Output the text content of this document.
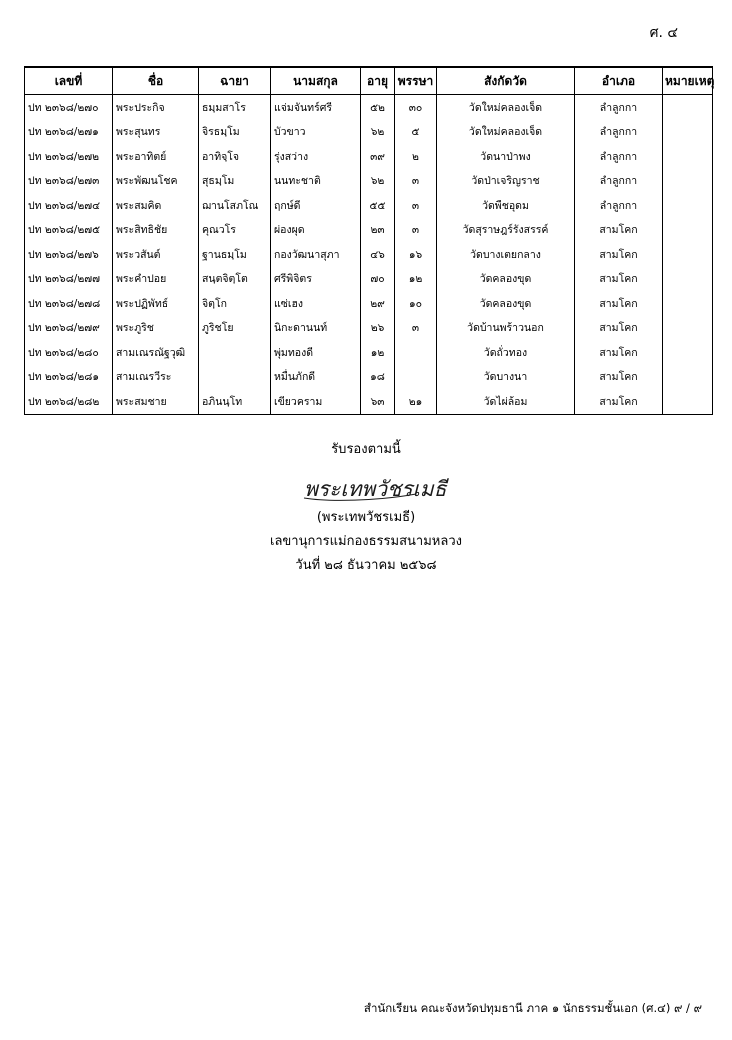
ศ. ๔
เลขที่	ชื่อ	ฉายา	นามสกุล	อายุ	พรรษา	สังกัดวัด	อำเภอ	หมายเหตุ
ปท ๒๓๖๘/๒๗๐	พระประกิจ	ธมฺมสาโร	แจ่มจันทร์ศรี	๕๒	๓๐	วัดใหม่คลองเจ็ด	ลำลูกกา	
ปท ๒๓๖๘/๒๗๑	พระสุนทร	จิรธมฺโม	บัวขาว	๖๒	๕	วัดใหม่คลองเจ็ด	ลำลูกกา	
ปท ๒๓๖๘/๒๗๒	พระอาทิตย์	อาทิจฺโจ	รุ่งสว่าง	๓๙	๒	วัดนาป่าพง	ลำลูกกา	
ปท ๒๓๖๘/๒๗๓	พระพัฒนโชค	สุธมฺโม	นนทะชาติ	๖๒	๓	วัดป่าเจริญราช	ลำลูกกา	
ปท ๒๓๖๘/๒๗๔	พระสมคิด	ฌานโสภโณ	ฤกษ์ดี	๕๕	๓	วัดพืชอุดม	ลำลูกกา	
ปท ๒๓๖๘/๒๗๕	พระสิทธิชัย	คุณวโร	ผ่องผุด	๒๓	๓	วัดสุราษฎร์รังสรรค์	สามโคก	
ปท ๒๓๖๘/๒๗๖	พระวสันต์	ฐานธมฺโม	กองวัฒนาสุภา	๔๖	๑๖	วัดบางเตยกลาง	สามโคก	
ปท ๒๓๖๘/๒๗๗	พระคำปอย	สนฺตจิตฺโต	ศรีพิจิตร	๗๐	๑๒	วัดคลองขุด	สามโคก	
ปท ๒๓๖๘/๒๗๘	พระปฏิพัทธ์	จิตฺโก	แซ่เฮง	๒๙	๑๐	วัดคลองขุด	สามโคก	
ปท ๒๓๖๘/๒๗๙	พระภูริช	ภูริชโย	นิกะดานนท์	๒๖	๓	วัดบ้านพร้าวนอก	สามโคก	
ปท ๒๓๖๘/๒๘๐	สามเณรณัฐวุฒิ		พุ่มทองดี	๑๒		วัดถั่วทอง	สามโคก	
ปท ๒๓๖๘/๒๘๑	สามเณรวีระ		หมื่นภักดี	๑๘		วัดบางนา	สามโคก	
ปท ๒๓๖๘/๒๘๒	พระสมชาย	อภินนฺโท	เขียวคราม	๖๓	๒๑	วัดไผ่ล้อม	สามโคก	
รับรองตามนี้
พระเทพวัชรเมธี
(พระเทพวัชรเมธี)
เลขานุการแม่กองธรรมสนามหลวง
วันที่ ๒๘ ธันวาคม ๒๕๖๘
สำนักเรียน คณะจังหวัดปทุมธานี ภาค ๑ นักธรรมชั้นเอก (ศ.๔) ๙ / ๙
